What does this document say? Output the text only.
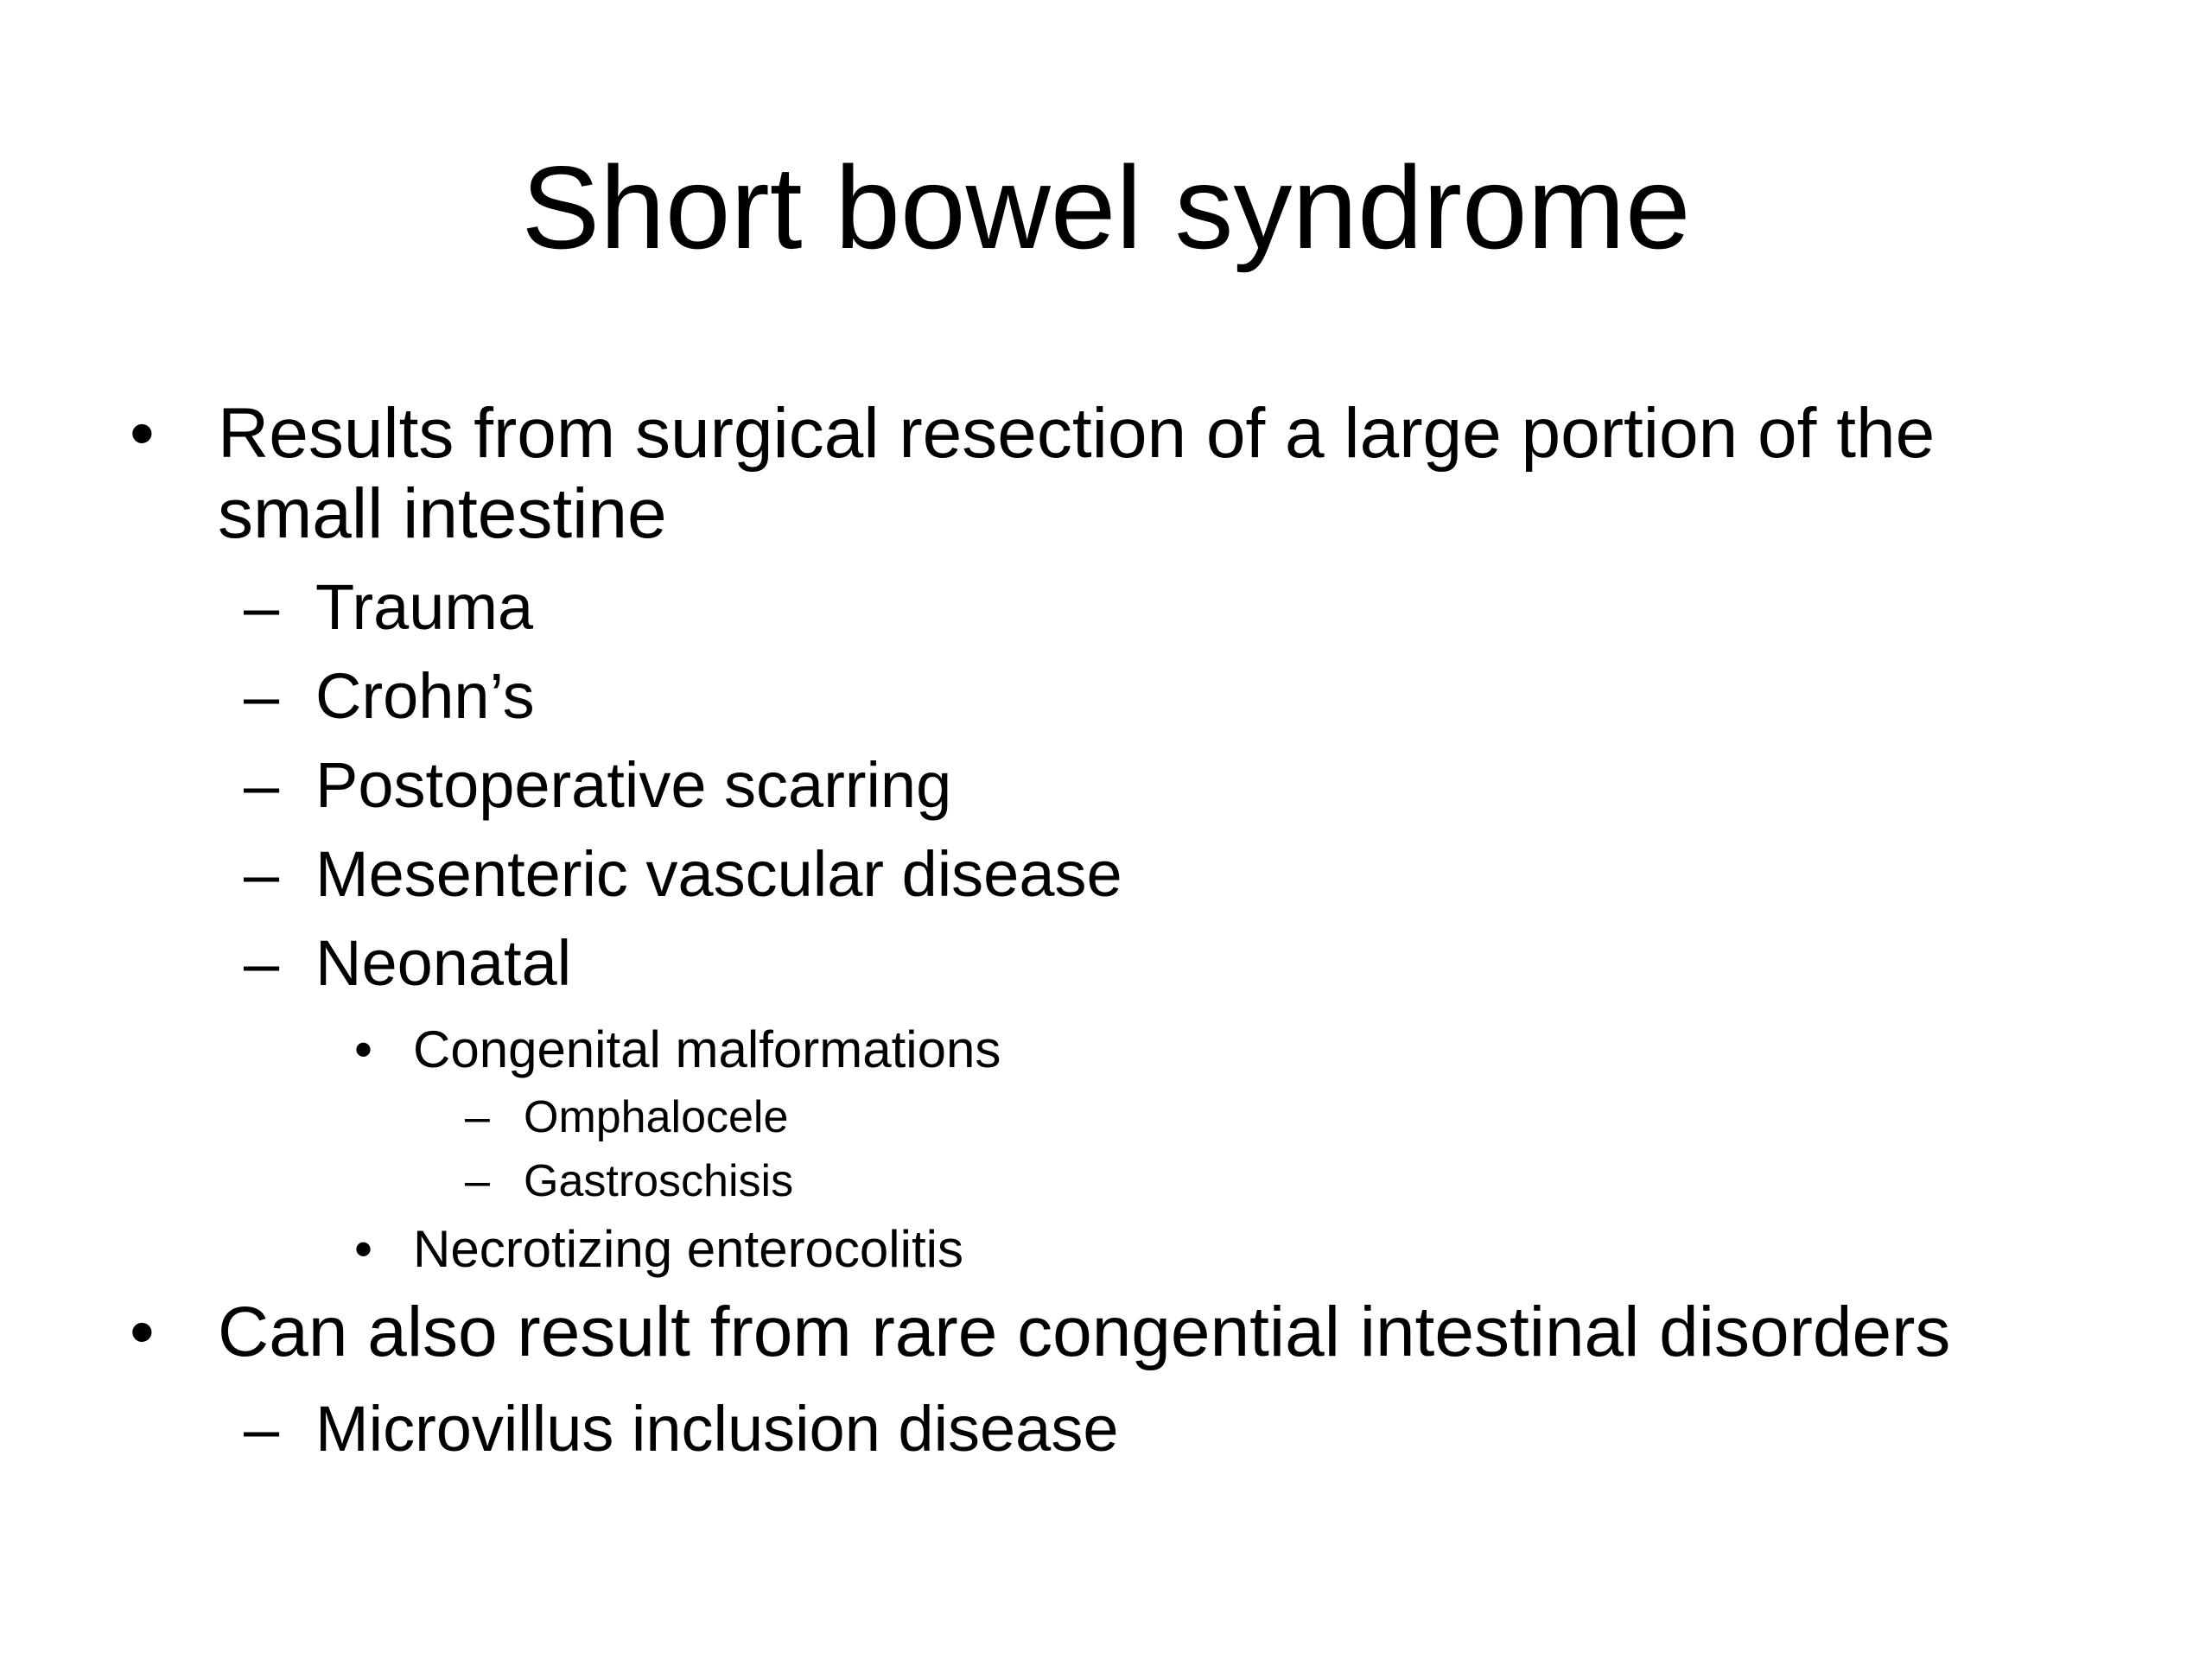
Short bowel syndrome
• Results from surgical resection of a large portion of the
small intestine
– Trauma
– Crohn’s
– Postoperative scarring
– Mesenteric vascular disease
– Neonatal
• Congenital malformations
– Omphalocele
– Gastroschisis
• Necrotizing enterocolitis
• Can also result from rare congential intestinal disorders
– Microvillus inclusion disease
